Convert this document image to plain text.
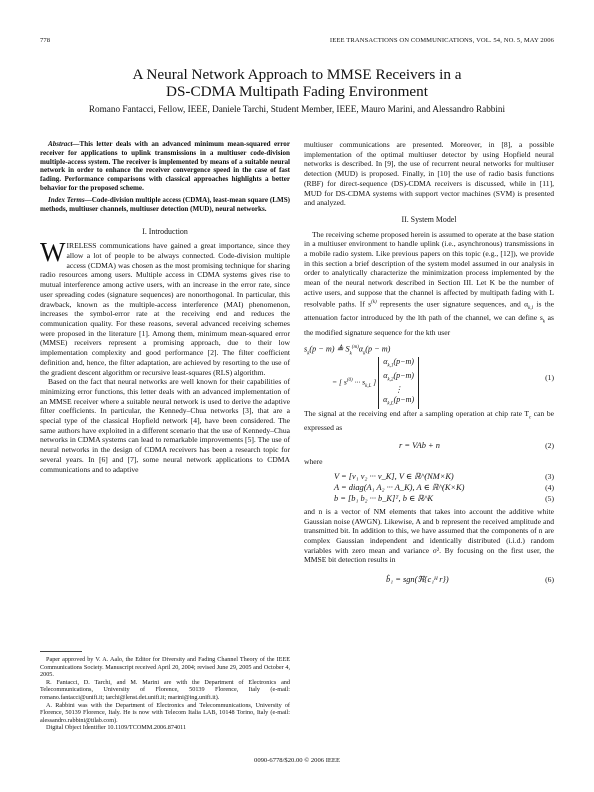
778	IEEE TRANSACTIONS ON COMMUNICATIONS, VOL. 54, NO. 5, MAY 2006
A Neural Network Approach to MMSE Receivers in a
DS-CDMA Multipath Fading Environment
Romano Fantacci, Fellow, IEEE, Daniele Tarchi, Student Member, IEEE, Mauro Marini, and Alessandro Rabbini

Abstract—This letter deals with an advanced minimum mean-squared error receiver for applications to uplink transmissions in a multiuser code-division multiple-access system. The receiver is implemented by means of a suitable neural network in order to enhance the receiver convergence speed in the case of fast fading. Performance comparisons with classical approaches highlights a better behavior for the proposed scheme.

Index Terms—Code-division multiple access (CDMA), least-mean square (LMS) methods, multiuser channels, multiuser detection (MUD), neural networks.

I. Introduction

WIRELESS communications have gained a great importance, since they allow a lot of people to be always connected. Code-division multiple access (CDMA) was chosen as the most promising technique for sharing radio resources among users. Multiple access in CDMA systems gives rise to mutual interference among active users, with an increase in the error rate, since user spreading codes (signature sequences) are nonorthogonal. In particular, this drawback, known as the multiple-access interference (MAI) phenomenon, increases the symbol-error rate at the receiving end and reduces the communication quality. For these reasons, several advanced receiving schemes were proposed in the literature [1]. Among them, minimum mean-squared error (MMSE) receivers represent a promising approach, due to their low implementation complexity and good performance [2]. The filter coefficient definition and, hence, the filter adaptation, are achieved by resorting to the use of the gradient descent algorithm or recursive least-squares (RLS) algorithm.

Based on the fact that neural networks are well known for their capabilities of minimizing error functions, this letter deals with an advanced implementation of an MMSE receiver where a suitable neural network is used to derive the adaptive filter coefficients. In particular, the Kennedy–Chua networks [3], that are a special type of the classical Hopfield network [4], have been considered. The same authors have exploited in a different scenario that the use of Kennedy–Chua networks in CDMA systems can lead to remarkable improvements [5]. The use of neural networks in the design of CDMA receivers has been a research topic for several years. In [6] and [7], some neural network applications to CDMA communications and to adaptive

Paper approved by V. A. Aalo, the Editor for Diversity and Fading Channel Theory of the IEEE Communications Society. Manuscript received April 20, 2004; revised June 29, 2005 and October 4, 2005.

R. Fantacci, D. Tarchi, and M. Marini are with the Department of Electronics and Telecommunications, University of Florence, 50139 Florence, Italy (e-mail: romano.fantacci@unifi.it; tarchi@lenst.det.unifi.it; marini@ing.unifi.it).

A. Rabbini was with the Department of Electronics and Telecommunications, University of Florence, 50139 Florence, Italy. He is now with Telecom Italia LAB, 10148 Torino, Italy (e-mail: alessandro.rabbini@tilab.com).

Digital Object Identifier 10.1109/TCOMM.2006.874011

multiuser communications are presented. Moreover, in [8], a possible implementation of the optimal multiuser detector by using Hopfield neural networks is described. In [9], the use of recurrent neural networks for multiuser detection (MUD) is proposed. Finally, in [10] the use of radio basis functions (RBF) for direct-sequence (DS)-CDMA receivers is discussed, while in [11], MUD for DS-CDMA systems with support vector machines (SVM) is presented and analyzed.

II. System Model

The receiving scheme proposed herein is assumed to operate at the base station in a multiuser environment to handle uplink (i.e., asynchronous) transmissions in a mobile radio system. Like previous papers on this topic (e.g., [12]), we provide in this section a brief description of the system model assumed in our analysis in order to analytically characterize the minimization process implemented by the mean of the neural network described in Section III. Let K be the number of active users, and suppose that the channel is affected by multipath fading with L resolvable paths. If $s^{(k)}$ represents the user signature sequences, and $\alpha_{k,l}$ is the attenuation factor introduced by the lth path of the channel, we can define $s_k$ as the modified signature sequence for the kth user

$s_k(p - m)$ ≜ $S_k^{(m)}\alpha_k(p - m)$
= [ $s^{(0)}$ ··· $s_{k,L}$ ] $\alpha_{k,1}(p-m)$
$\alpha_{k,2}(p-m)$
⋮
$\alpha_{k,L}(p-m)$
(1)

The signal at the receiving end after a sampling operation at chip rate $T_c$ can be expressed as

r = VAb + n	(2)

where

V = [v₁ v₂ ··· v_K], V ∈ ℝ^(NM×K)	(3)
A = diag(A₁ A₂ ··· A_K), A ∈ ℝ^(K×K)	(4)
b = [b₁ b₂ ··· b_K]ᵀ, b ∈ ℝ^K	(5)

and n is a vector of NM elements that takes into account the additive white Gaussian noise (AWGN). Likewise, A and b represent the received amplitude and transmitted bit. In addition to this, we have assumed that the components of n are complex Gaussian independent and identically distributed (i.i.d.) random variables with zero mean and variance σ². By focusing on the first user, the MMSE bit detection results in

b̂₁ = sgn(ℜ{c₁ᴴ r})	(6)
0090-6778/$20.00 © 2006 IEEE
